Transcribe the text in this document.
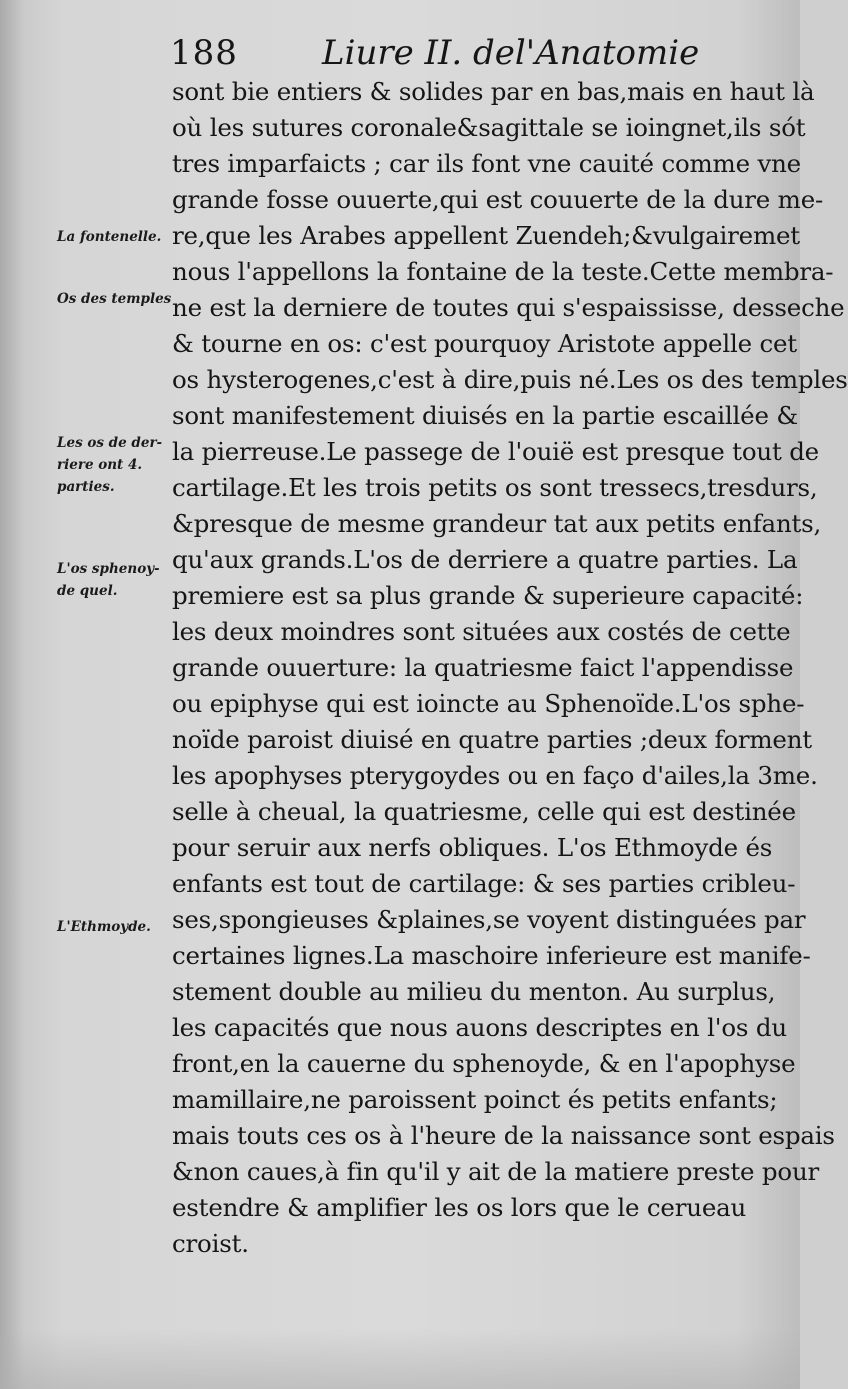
188 Liure II. del'Anatomie
sont bie entiers & solides par en bas,mais en haut là
où les sutures coronale&sagittale se ioingnet,ils sót
tres imparfaicts ; car ils font vne cauité comme vne
grande fosse ouuerte,qui est couuerte de la dure me-
re,que les Arabes appellent Zuendeh;&vulgairemet
nous l'appellons la fontaine de la teste.Cette membra-
ne est la derniere de toutes qui s'espaississe, desseche
& tourne en os: c'est pourquoy Aristote appelle cet
os hysterogenes,c'est à dire,puis né.Les os des temples
sont manifestement diuisés en la partie escaillée &
la pierreuse.Le passege de l'ouië est presque tout de
cartilage.Et les trois petits os sont tressecs,tresdurs,
&presque de mesme grandeur tat aux petits enfants,
qu'aux grands.L'os de derriere a quatre parties. La
premiere est sa plus grande & superieure capacité:
les deux moindres sont situées aux costés de cette
grande ouuerture: la quatriesme faict l'appendisse
ou epiphyse qui est ioincte au Sphenoïde.L'os sphe-
noïde paroist diuisé en quatre parties ;deux forment
les apophyses pterygoydes ou en faço d'ailes,la 3me.
selle à cheual, la quatriesme, celle qui est destinée
pour seruir aux nerfs obliques. L'os Ethmoyde és
enfants est tout de cartilage: & ses parties cribleu-
ses,spongieuses &plaines,se voyent distinguées par
certaines lignes.La maschoire inferieure est manife-
stement double au milieu du menton. Au surplus,
les capacités que nous auons descriptes en l'os du
front,en la cauerne du sphenoyde, & en l'apophyse
mamillaire,ne paroissent poinct és petits enfants;
mais touts ces os à l'heure de la naissance sont espais
&non caues,à fin qu'il y ait de la matiere preste pour
estendre & amplifier les os lors que le cerueau
croist.
La fontenelle.
Os des temples
Les os de der-
riere ont 4.
parties.
L'os sphenoy-
de quel.
L'Ethmoyde.
